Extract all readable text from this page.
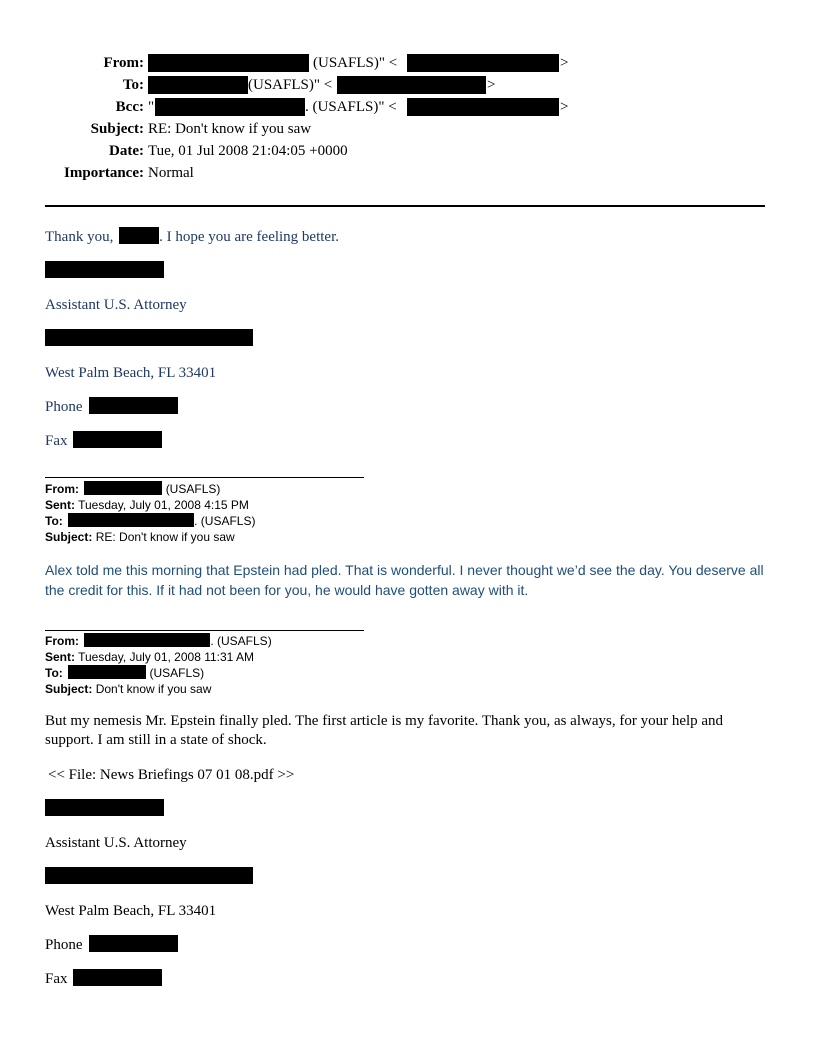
From:	(USAFLS)" <	>
To:	(USAFLS)" <	>
Bcc: "	. (USAFLS)" <	>
Subject: RE: Don't know if you saw
Date: Tue, 01 Jul 2008 21:04:05 +0000
Importance: Normal
Thank you,	. I hope you are feeling better.
Assistant U.S. Attorney
West Palm Beach, FL 33401
Phone
Fax
From:	(USAFLS)
Sent: Tuesday, July 01, 2008 4:15 PM
To:	. (USAFLS)
Subject: RE: Don't know if you saw
Alex told me this morning that Epstein had pled. That is wonderful. I never thought we’d see the day. You deserve all the credit for this. If it had not been for you, he would have gotten away with it.
From:	. (USAFLS)
Sent: Tuesday, July 01, 2008 11:31 AM
To:	(USAFLS)
Subject: Don't know if you saw
But my nemesis Mr. Epstein finally pled. The first article is my favorite. Thank you, as always, for your help and support. I am still in a state of shock.
<< File: News Briefings 07 01 08.pdf >>
Assistant U.S. Attorney
West Palm Beach, FL 33401
Phone
Fax
